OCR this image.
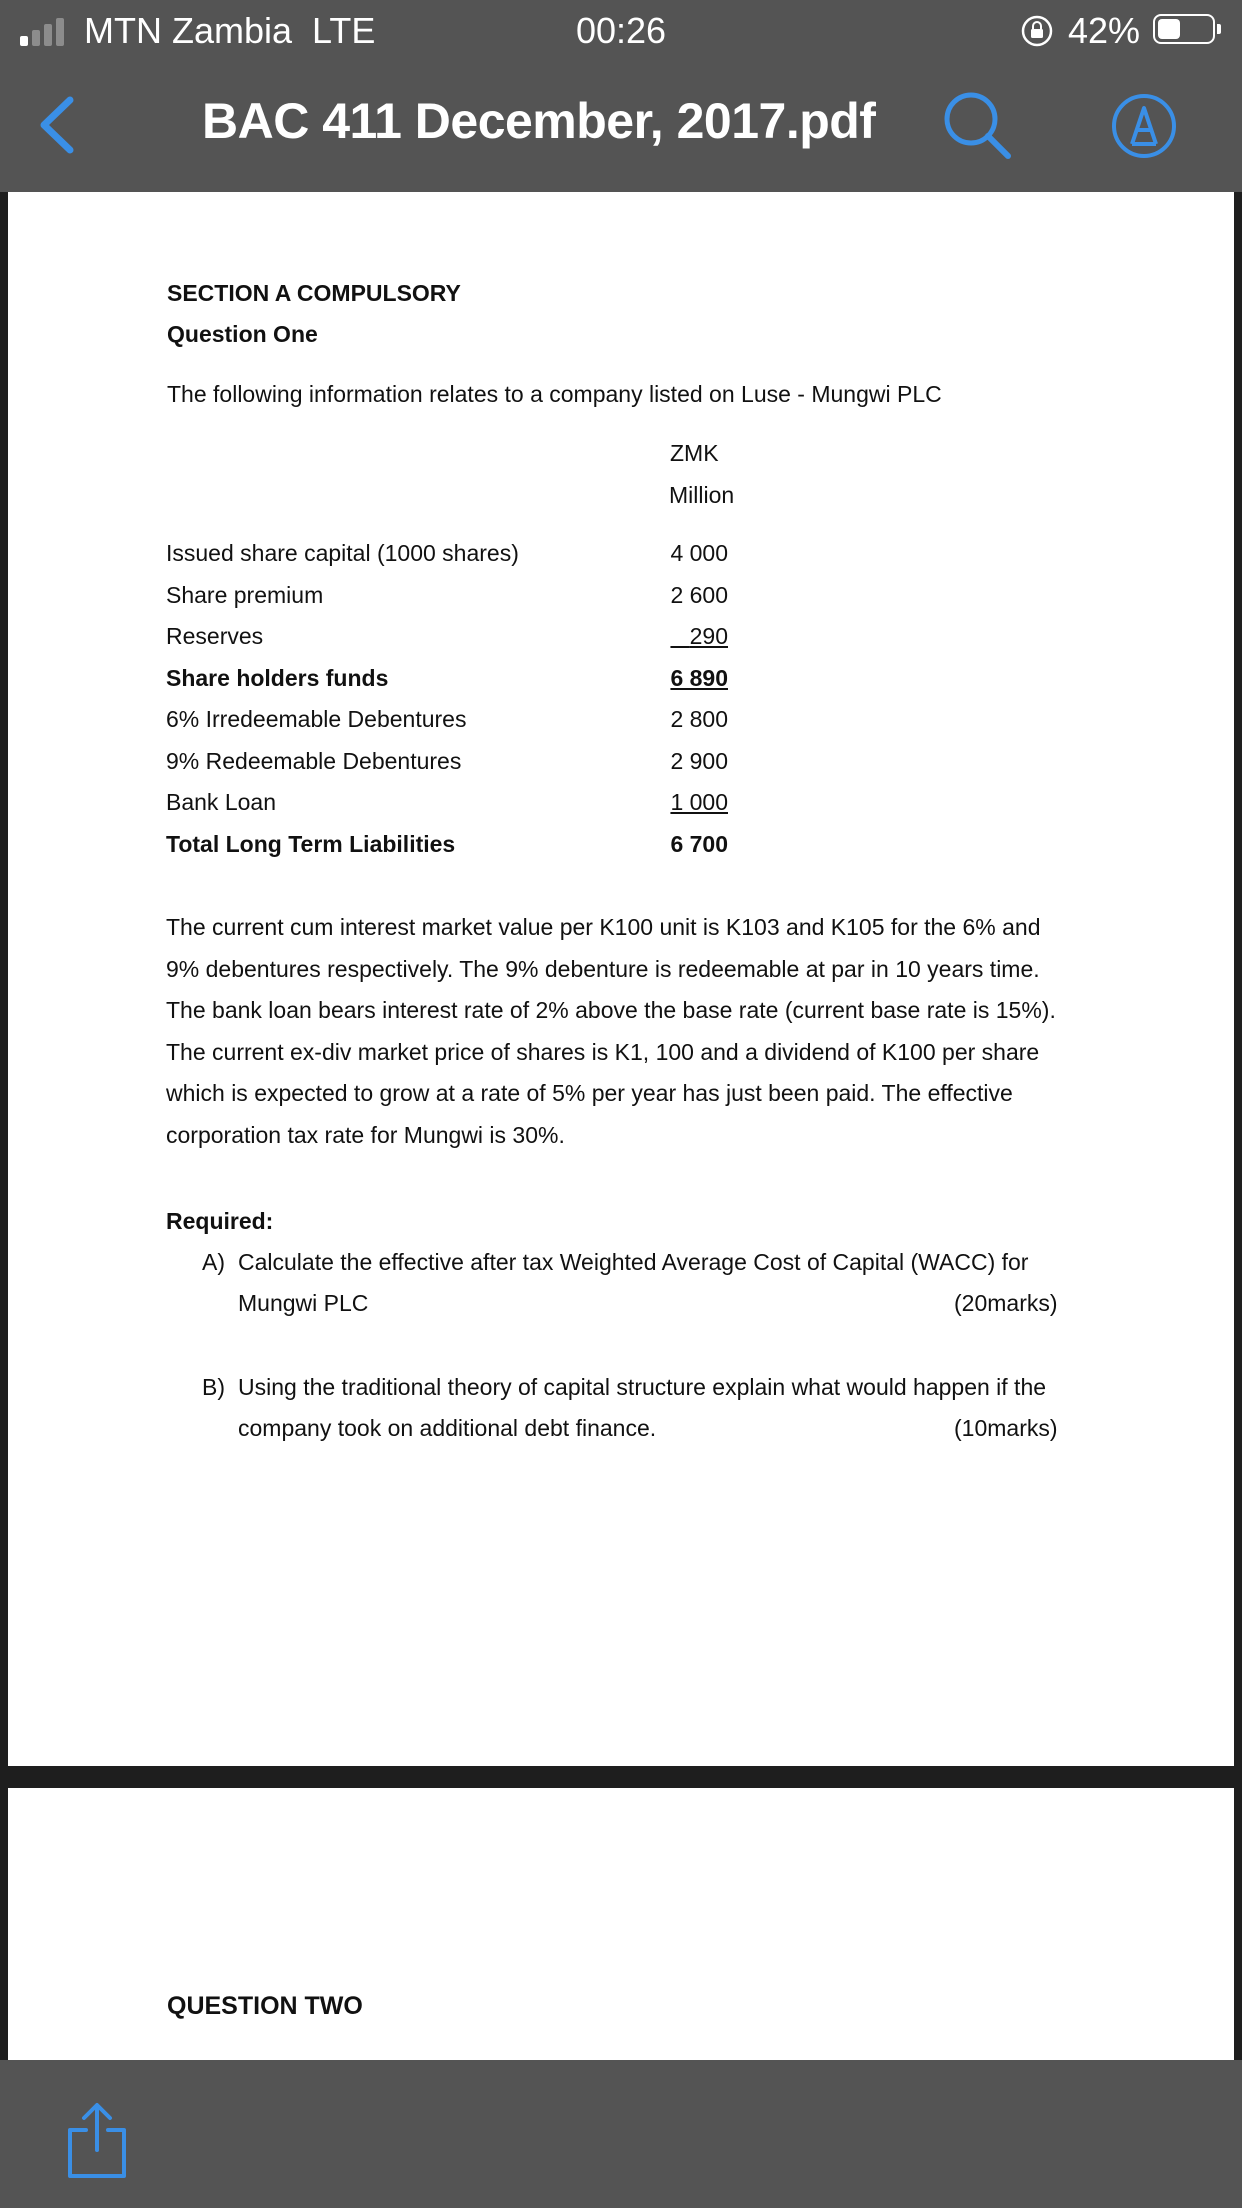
MTN Zambia LTE	00:26	42%
BAC 411 December, 2017.pdf
SECTION A COMPULSORY
Question One
The following information relates to a company listed on Luse - Mungwi PLC
ZMK
Million
Issued share capital (1000 shares)	4 000
Share premium	2 600
Reserves	290
Share holders funds	6 890
6% Irredeemable Debentures	2 800
9% Redeemable Debentures	2 900
Bank Loan	1 000
Total Long Term Liabilities	6 700
The current cum interest market value per K100 unit is K103 and K105 for the 6% and
9% debentures respectively. The 9% debenture is redeemable at par in 10 years time.
The bank loan bears interest rate of 2% above the base rate (current base rate is 15%).
The current ex-div market price of shares is K1, 100 and a dividend of K100 per share
which is expected to grow at a rate of 5% per year has just been paid. The effective
corporation tax rate for Mungwi is 30%.
Required:
A) Calculate the effective after tax Weighted Average Cost of Capital (WACC) for
Mungwi PLC	(20marks)
B) Using the traditional theory of capital structure explain what would happen if the
company took on additional debt finance.	(10marks)
QUESTION TWO
